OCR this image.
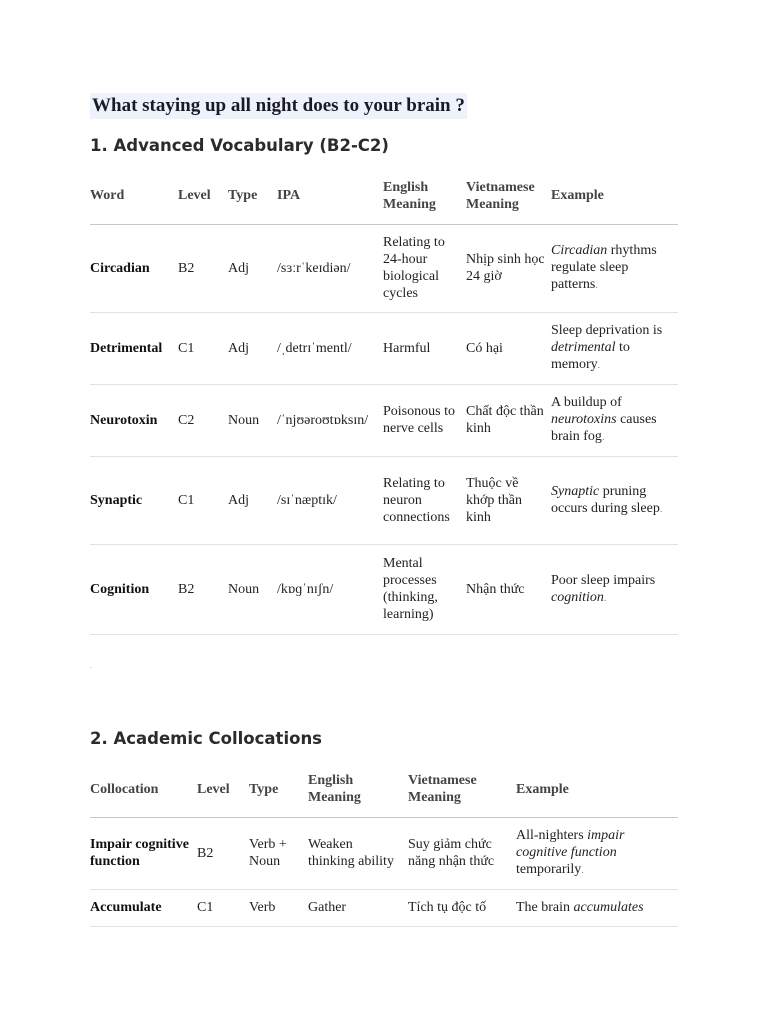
What staying up all night does to your brain ?
1. Advanced Vocabulary (B2-C2)
Word	Level	Type	IPA	English Meaning	Vietnamese Meaning	Example
Circadian	B2	Adj	/sɜːrˈkeɪdiən/	Relating to 24-hour biological cycles	Nhịp sinh học 24 giờ	Circadian rhythms regulate sleep patterns.
Detrimental	C1	Adj	/ˌdetrɪˈmentl/	Harmful	Có hại	Sleep deprivation is detrimental to memory.
Neurotoxin	C2	Noun	/ˈnjʊəroʊtɒksɪn/	Poisonous to nerve cells	Chất độc thần kinh	A buildup of neurotoxins causes brain fog.
Synaptic	C1	Adj	/sɪˈnæptɪk/	Relating to neuron connections	Thuộc về khớp thần kinh	Synaptic pruning occurs during sleep.
Cognition	B2	Noun	/kɒɡˈnɪʃn/	Mental processes (thinking, learning)	Nhận thức	Poor sleep impairs cognition.
.
2. Academic Collocations
Collocation	Level	Type	English Meaning	Vietnamese Meaning	Example
Impair cognitive function	B2	Verb + Noun	Weaken thinking ability	Suy giảm chức năng nhận thức	All-nighters impair cognitive function temporarily.
Accumulate	C1	Verb	Gather	Tích tụ độc tố	The brain accumulates
